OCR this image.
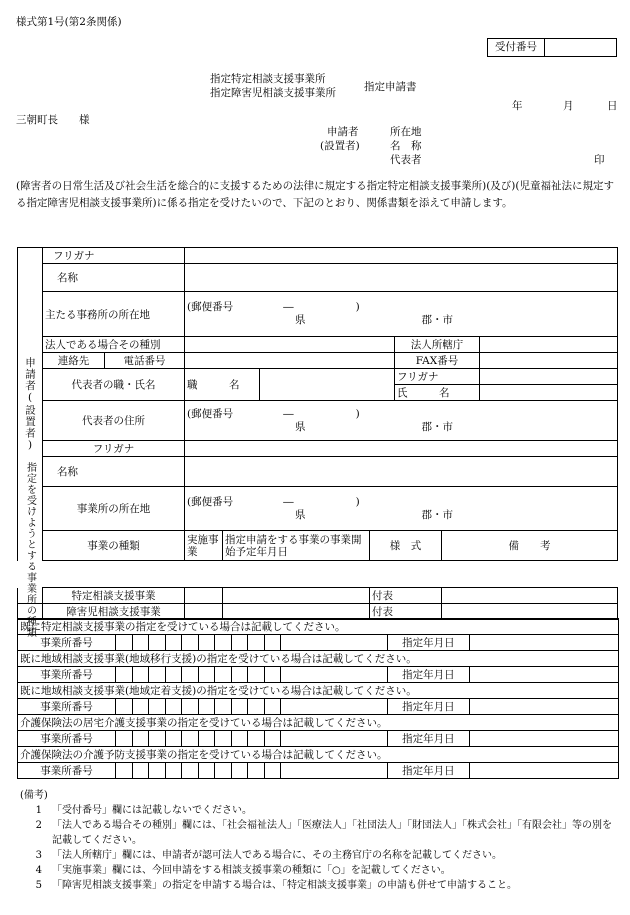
様式第1号(第2条関係)
受付番号
指定特定相談支援事業所
指定障害児相談支援事業所	指定申請書
年	月	日
三朝町長　　様
申請者
(設置者)
所在地
名　称
代表者	印
(障害者の日常生活及び社会生活を総合的に支援するための法律に規定する指定特定相談支援事業所)(及び)(児童福祉法に規定する指定障害児相談支援事業所)に係る指定を受けたいので、下記のとおり、関係書類を添えて申請します。
申請者(設置者)	フリガナ								

名称								

	主たる事務所の所在地		(郵便番号 ― )
県 郡・市						

	法人である場合その種別						法人所轄庁		
	連絡先	電話番号					FAX番号		
	代表者の職・氏名		職　　　名				フリガナ		
							氏　　　名		
	代表者の住所		(郵便番号 ― )
県 郡・市						

	フリガナ								

名称								

	事業所の所在地		(郵便番号 ― )
県 郡・市						

	事業の種類		実施事業	指定申請をする事業の事業開始予定年月日		様　式		備　　考	
	特定相談支援事業			付表	
	障害児相談支援事業			付表	
指定を受けようとする事業所の種類
既に特定相談支援事業の指定を受けている場合は記載してください。													
事業所番号												指定年月日	
既に地域相談支援事業(地域移行支援)の指定を受けている場合は記載してください。													
事業所番号												指定年月日	
既に地域相談支援事業(地域定着支援)の指定を受けている場合は記載してください。													
事業所番号												指定年月日	
介護保険法の居宅介護支援事業の指定を受けている場合は記載してください。													
事業所番号												指定年月日	
介護保険法の介護予防支援事業の指定を受けている場合は記載してください。													
事業所番号												指定年月日	
(備考)
1	「受付番号」欄には記載しないでください。
2	「法人である場合その種別」欄には、「社会福祉法人」「医療法人」「社団法人」「財団法人」「株式会社」「有限会社」等の別を記載してください。
3	「法人所轄庁」欄には、申請者が認可法人である場合に、その主務官庁の名称を記載してください。
4	「実施事業」欄には、今回申請をする相談支援事業の種類に「○」を記載してください。
5	「障害児相談支援事業」の指定を申請する場合は、「特定相談支援事業」の申請も併せて申請すること。
